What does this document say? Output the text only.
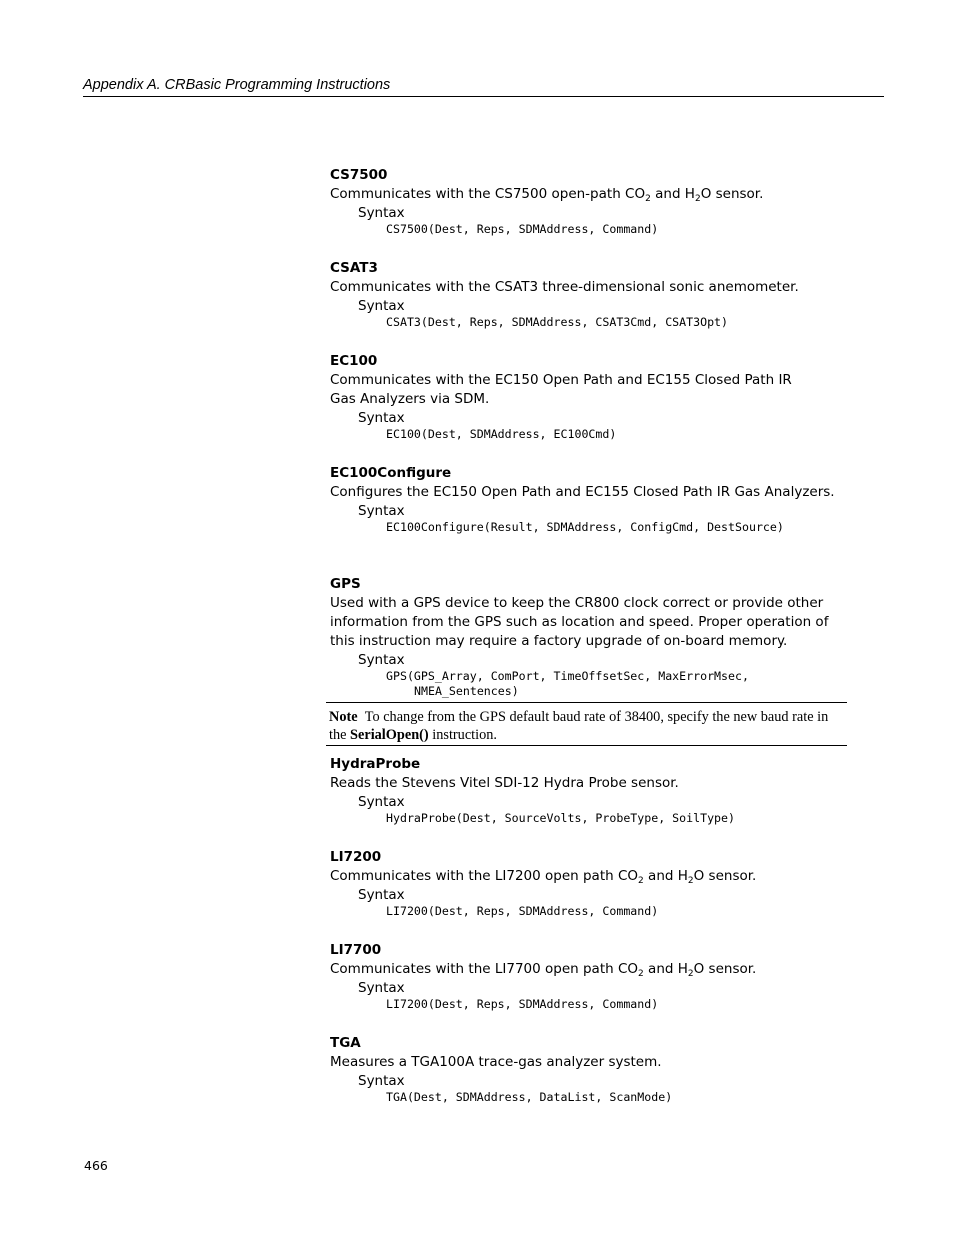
Appendix A. CRBasic Programming Instructions
CS7500
Communicates with the CS7500 open-path $CO_2$ and $H_2O$ sensor.
Syntax
CS7500(Dest, Reps, SDMAddress, Command)
CSAT3
Communicates with the CSAT3 three-dimensional sonic anemometer.
Syntax
CSAT3(Dest, Reps, SDMAddress, CSAT3Cmd, CSAT3Opt)
EC100
Communicates with the EC150 Open Path and EC155 Closed Path IR Gas Analyzers via SDM.
Syntax
EC100(Dest, SDMAddress, EC100Cmd)
EC100Configure
Configures the EC150 Open Path and EC155 Closed Path IR Gas Analyzers.
Syntax
EC100Configure(Result, SDMAddress, ConfigCmd, DestSource)
GPS
Used with a GPS device to keep the CR800 clock correct or provide other information from the GPS such as location and speed. Proper operation of this instruction may require a factory upgrade of on-board memory.
Syntax
GPS(GPS_Array, ComPort, TimeOffsetSec, MaxErrorMsec,
NMEA_Sentences)
Note To change from the GPS default baud rate of 38400, specify the new baud rate in the SerialOpen() instruction.
HydraProbe
Reads the Stevens Vitel SDI-12 Hydra Probe sensor.
Syntax
HydraProbe(Dest, SourceVolts, ProbeType, SoilType)
LI7200
Communicates with the LI7200 open path $CO_2$ and $H_2O$ sensor.
Syntax
LI7200(Dest, Reps, SDMAddress, Command)
LI7700
Communicates with the LI7700 open path $CO_2$ and $H_2O$ sensor.
Syntax
LI7200(Dest, Reps, SDMAddress, Command)
TGA
Measures a TGA100A trace-gas analyzer system.
Syntax
TGA(Dest, SDMAddress, DataList, ScanMode)
466
